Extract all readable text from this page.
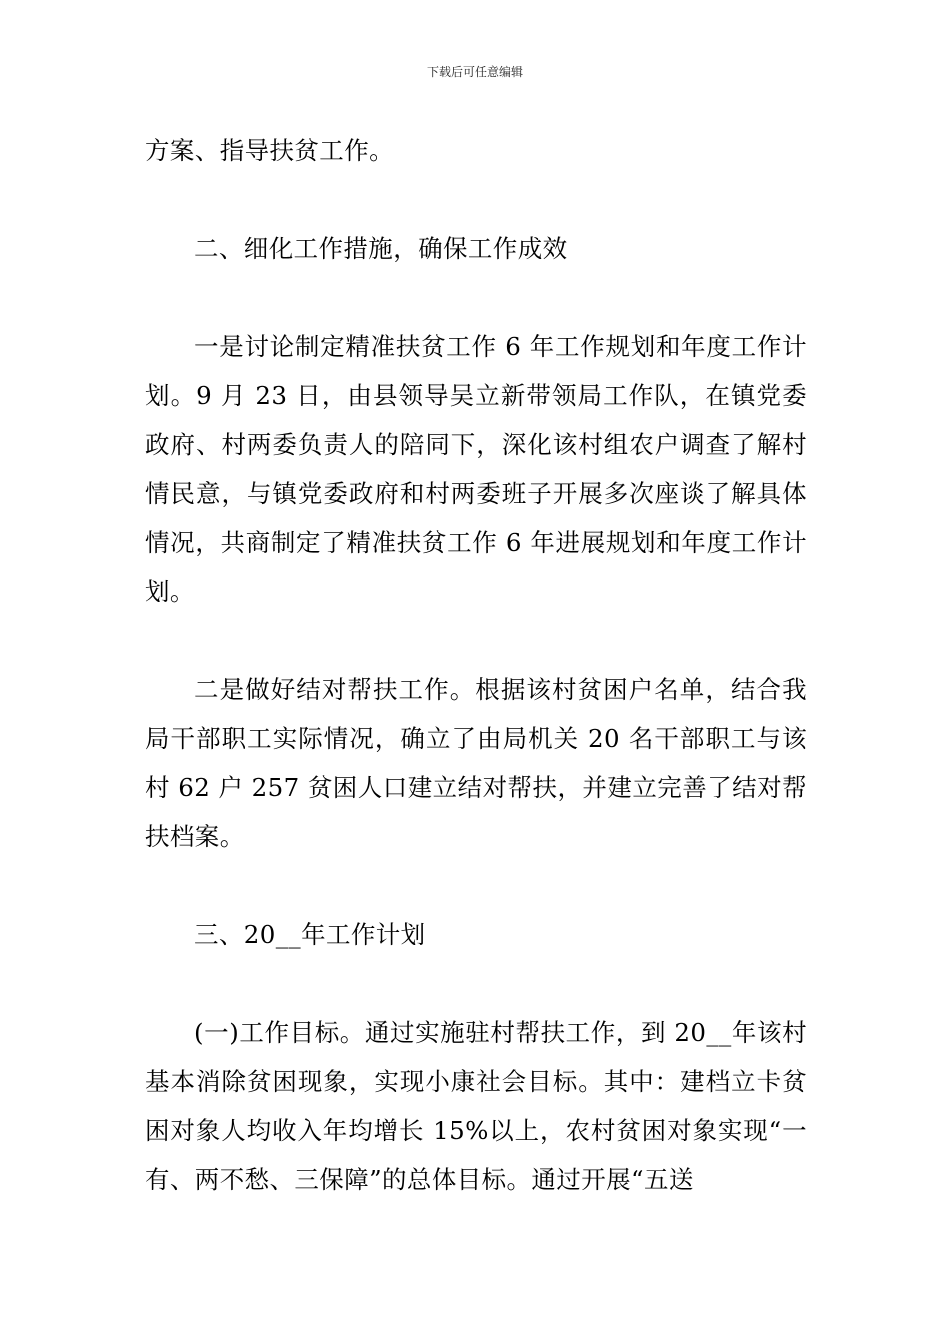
下载后可任意编辑

方案、指导扶贫工作。

二、细化工作措施，确保工作成效

一是讨论制定精准扶贫工作 6 年工作规划和年度工作计划。9 月 23 日，由县领导吴立新带领局工作队，在镇党委政府、村两委负责人的陪同下，深化该村组农户调查了解村情民意，与镇党委政府和村两委班子开展多次座谈了解具体情况，共商制定了精准扶贫工作 6 年进展规划和年度工作计划。

二是做好结对帮扶工作。根据该村贫困户名单，结合我局干部职工实际情况，确立了由局机关 20 名干部职工与该村 62 户 257 贫困人口建立结对帮扶，并建立完善了结对帮扶档案。

三、20__年工作计划

(一)工作目标。通过实施驻村帮扶工作，到 20__年该村基本消除贫困现象，实现小康社会目标。其中：建档立卡贫困对象人均收入年均增长 15%以上，农村贫困对象实现“一有、两不愁、三保障”的总体目标。通过开展“五送
